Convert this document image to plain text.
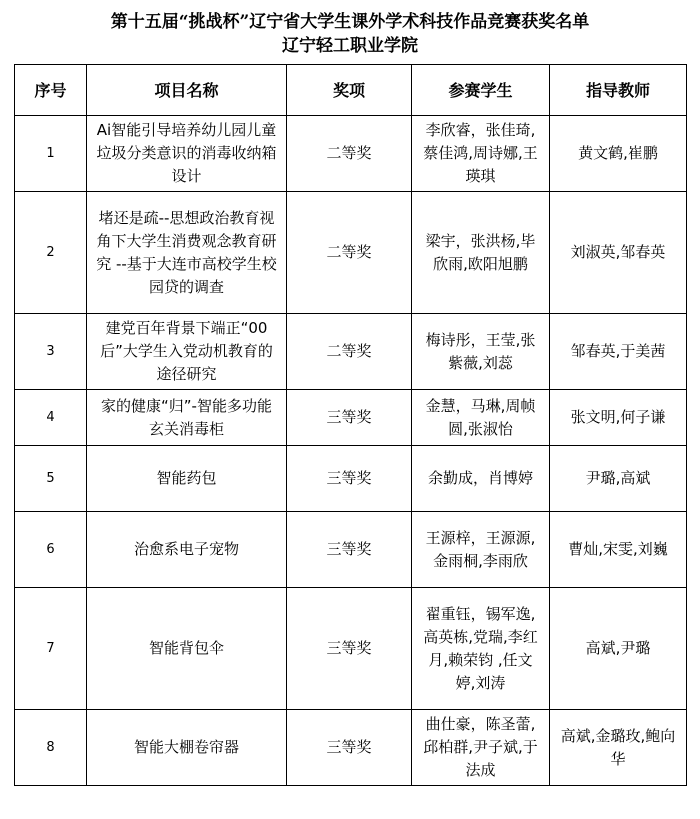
第十五届“挑战杯”辽宁省大学生课外学术科技作品竞赛获奖名单
辽宁轻工职业学院
序号	项目名称	奖项	参赛学生	指导教师
1	Ai智能引导培养幼儿园儿童垃圾分类意识的消毒收纳箱设计	二等奖	李欣睿，张佳琦,蔡佳鸿,周诗娜,王瑛琪	黄文鹤,崔鹏
2	堵还是疏--思想政治教育视角下大学生消费观念教育研究 --基于大连市高校学生校园贷的调查	二等奖	梁宇，张洪杨,毕欣雨,欧阳旭鹏	刘淑英,邹春英
3	建党百年背景下端正“00后”大学生入党动机教育的途径研究	二等奖	梅诗彤，王莹,张紫薇,刘蕊	邹春英,于美茜
4	家的健康“归”-智能多功能玄关消毒柜	三等奖	金慧，马琳,周帧圆,张淑怡	张文明,何子谦
5	智能药包	三等奖	余勤成，肖博婷	尹璐,高斌
6	治愈系电子宠物	三等奖	王源梓，王源源,金雨桐,李雨欣	曹灿,宋雯,刘巍
7	智能背包伞	三等奖	翟重钰，锡军逸,高英栋,党瑞,李红月,赖荣钧 ,任文婷,刘涛	高斌,尹璐
8	智能大棚卷帘器	三等奖	曲仕豪，陈圣蕾,邱柏群,尹子斌,于法成	高斌,金璐玫,鲍向华
